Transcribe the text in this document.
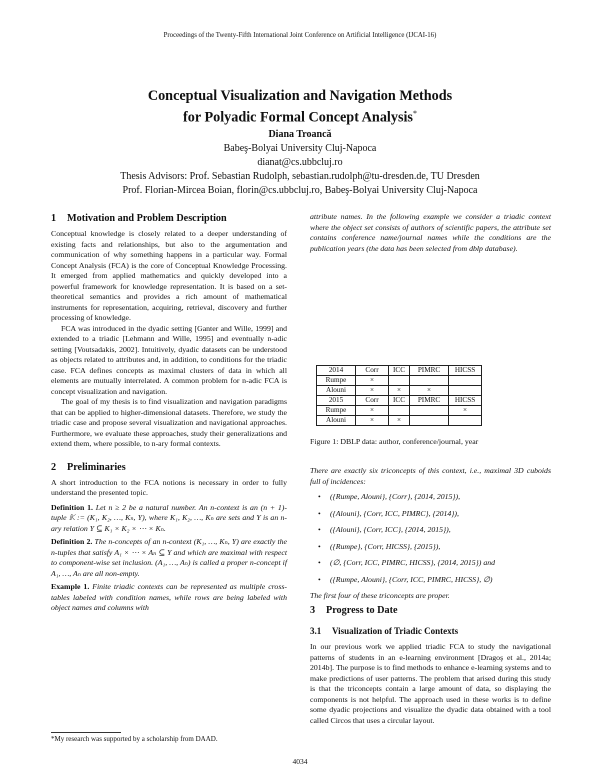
Proceedings of the Twenty-Fifth International Joint Conference on Artificial Intelligence (IJCAI-16)
Conceptual Visualization and Navigation Methods
for Polyadic Formal Concept Analysis*
Diana Troancă
Babeş-Bolyai University Cluj-Napoca
dianat@cs.ubbcluj.ro
Thesis Advisors: Prof. Sebastian Rudolph, sebastian.rudolph@tu-dresden.de, TU Dresden
Prof. Florian-Mircea Boian, florin@cs.ubbcluj.ro, Babeş-Bolyai University Cluj-Napoca
1 Motivation and Problem Description

Conceptual knowledge is closely related to a deeper understanding of existing facts and relationships, but also to the argumentation and communication of why something happens in a particular way. Formal Concept Analysis (FCA) is the core of Conceptual Knowledge Processing. It emerged from applied mathematics and quickly developed into a powerful framework for knowledge representation. It is based on a set-theoretical semantics and provides a rich amount of mathematical instruments for representation, acquiring, retrieval, discovery and further processing of knowledge.

FCA was introduced in the dyadic setting [Ganter and Wille, 1999] and extended to a triadic [Lehmann and Wille, 1995] and eventually n-adic setting [Voutsadakis, 2002]. Intuitively, dyadic datasets can be understood as objects related to attributes and, in addition, to conditions for the triadic case. FCA defines concepts as maximal clusters of data in which all elements are mutually interrelated. A common problem for n-adic FCA is concept visualization and navigation.

The goal of my thesis is to find visualization and navigation paradigms that can be applied to higher-dimensional datasets. Therefore, we study the triadic case and propose several visualization and navigational approaches. Furthermore, we evaluate these approaches, study their generalizations and extend them, where possible, to n-ary formal contexts.

2 Preliminaries

A short introduction to the FCA notions is necessary in order to fully understand the presented topic.

Definition 1. Let n ≥ 2 be a natural number. An n-context is an (n + 1)-tuple 𝕂 := (K₁, K₂, …, Kₙ, Y), where K₁, K₂, …, Kₙ are sets and Y is an n-ary relation Y ⊆ K₁ × K₂ × ⋯ × Kₙ.

Definition 2. The n-concepts of an n-context (K₁, …, Kₙ, Y) are exactly the n-tuples that satisfy A₁ × ⋯ × Aₙ ⊆ Y and which are maximal with respect to component-wise set inclusion. (A₁, …, Aₙ) is called a proper n-concept if A₁, …, Aₙ are all non-empty.

Example 1. Finite triadic contexts can be represented as multiple cross-tables labeled with condition names, while rows are being labeled with object names and columns with

attribute names. In the following example we consider a triadic context where the object set consists of authors of scientific papers, the attribute set contains conference name/journal names while the conditions are the publication years (the data has been selected from dblp database).
2014	Corr	ICC	PIMRC	HICSS
Rumpe	×			
Alouni	×	×	×	
2015	Corr	ICC	PIMRC	HICSS
Rumpe	×			×
Alouni	×	×		
Figure 1: DBLP data: author, conference/journal, year

There are exactly six triconcepts of this context, i.e., maximal 3D cuboids full of incidences:

• ({Rumpe, Alouni}, {Corr}, {2014, 2015}),
• ({Alouni}, {Corr, ICC, PIMRC}, {2014}),
• ({Alouni}, {Corr, ICC}, {2014, 2015}),
• ({Rumpe}, {Corr, HICSS}, {2015}),
• (∅, {Corr, ICC, PIMRC, HICSS}, {2014, 2015}) and
• ({Rumpe, Alouni}, {Corr, ICC, PIMRC, HICSS}, ∅)

The first four of these triconcepts are proper.

3 Progress to Date
3.1 Visualization of Triadic Contexts

In our previous work we applied triadic FCA to study the navigational patterns of students in an e-learning environment [Dragoş et al., 2014a; 2014b]. The purpose is to find methods to enhance e-learning systems and to make predictions of user patterns. The problem that arised during this study is that the triconcepts contain a large amount of data, so displaying the components is not helpful. The approach used in these works is to define some dyadic projections and visualize the dyadic data obtained with a tool called Circos that uses a circular layout.

*My research was supported by a scholarship from DAAD.
4034
